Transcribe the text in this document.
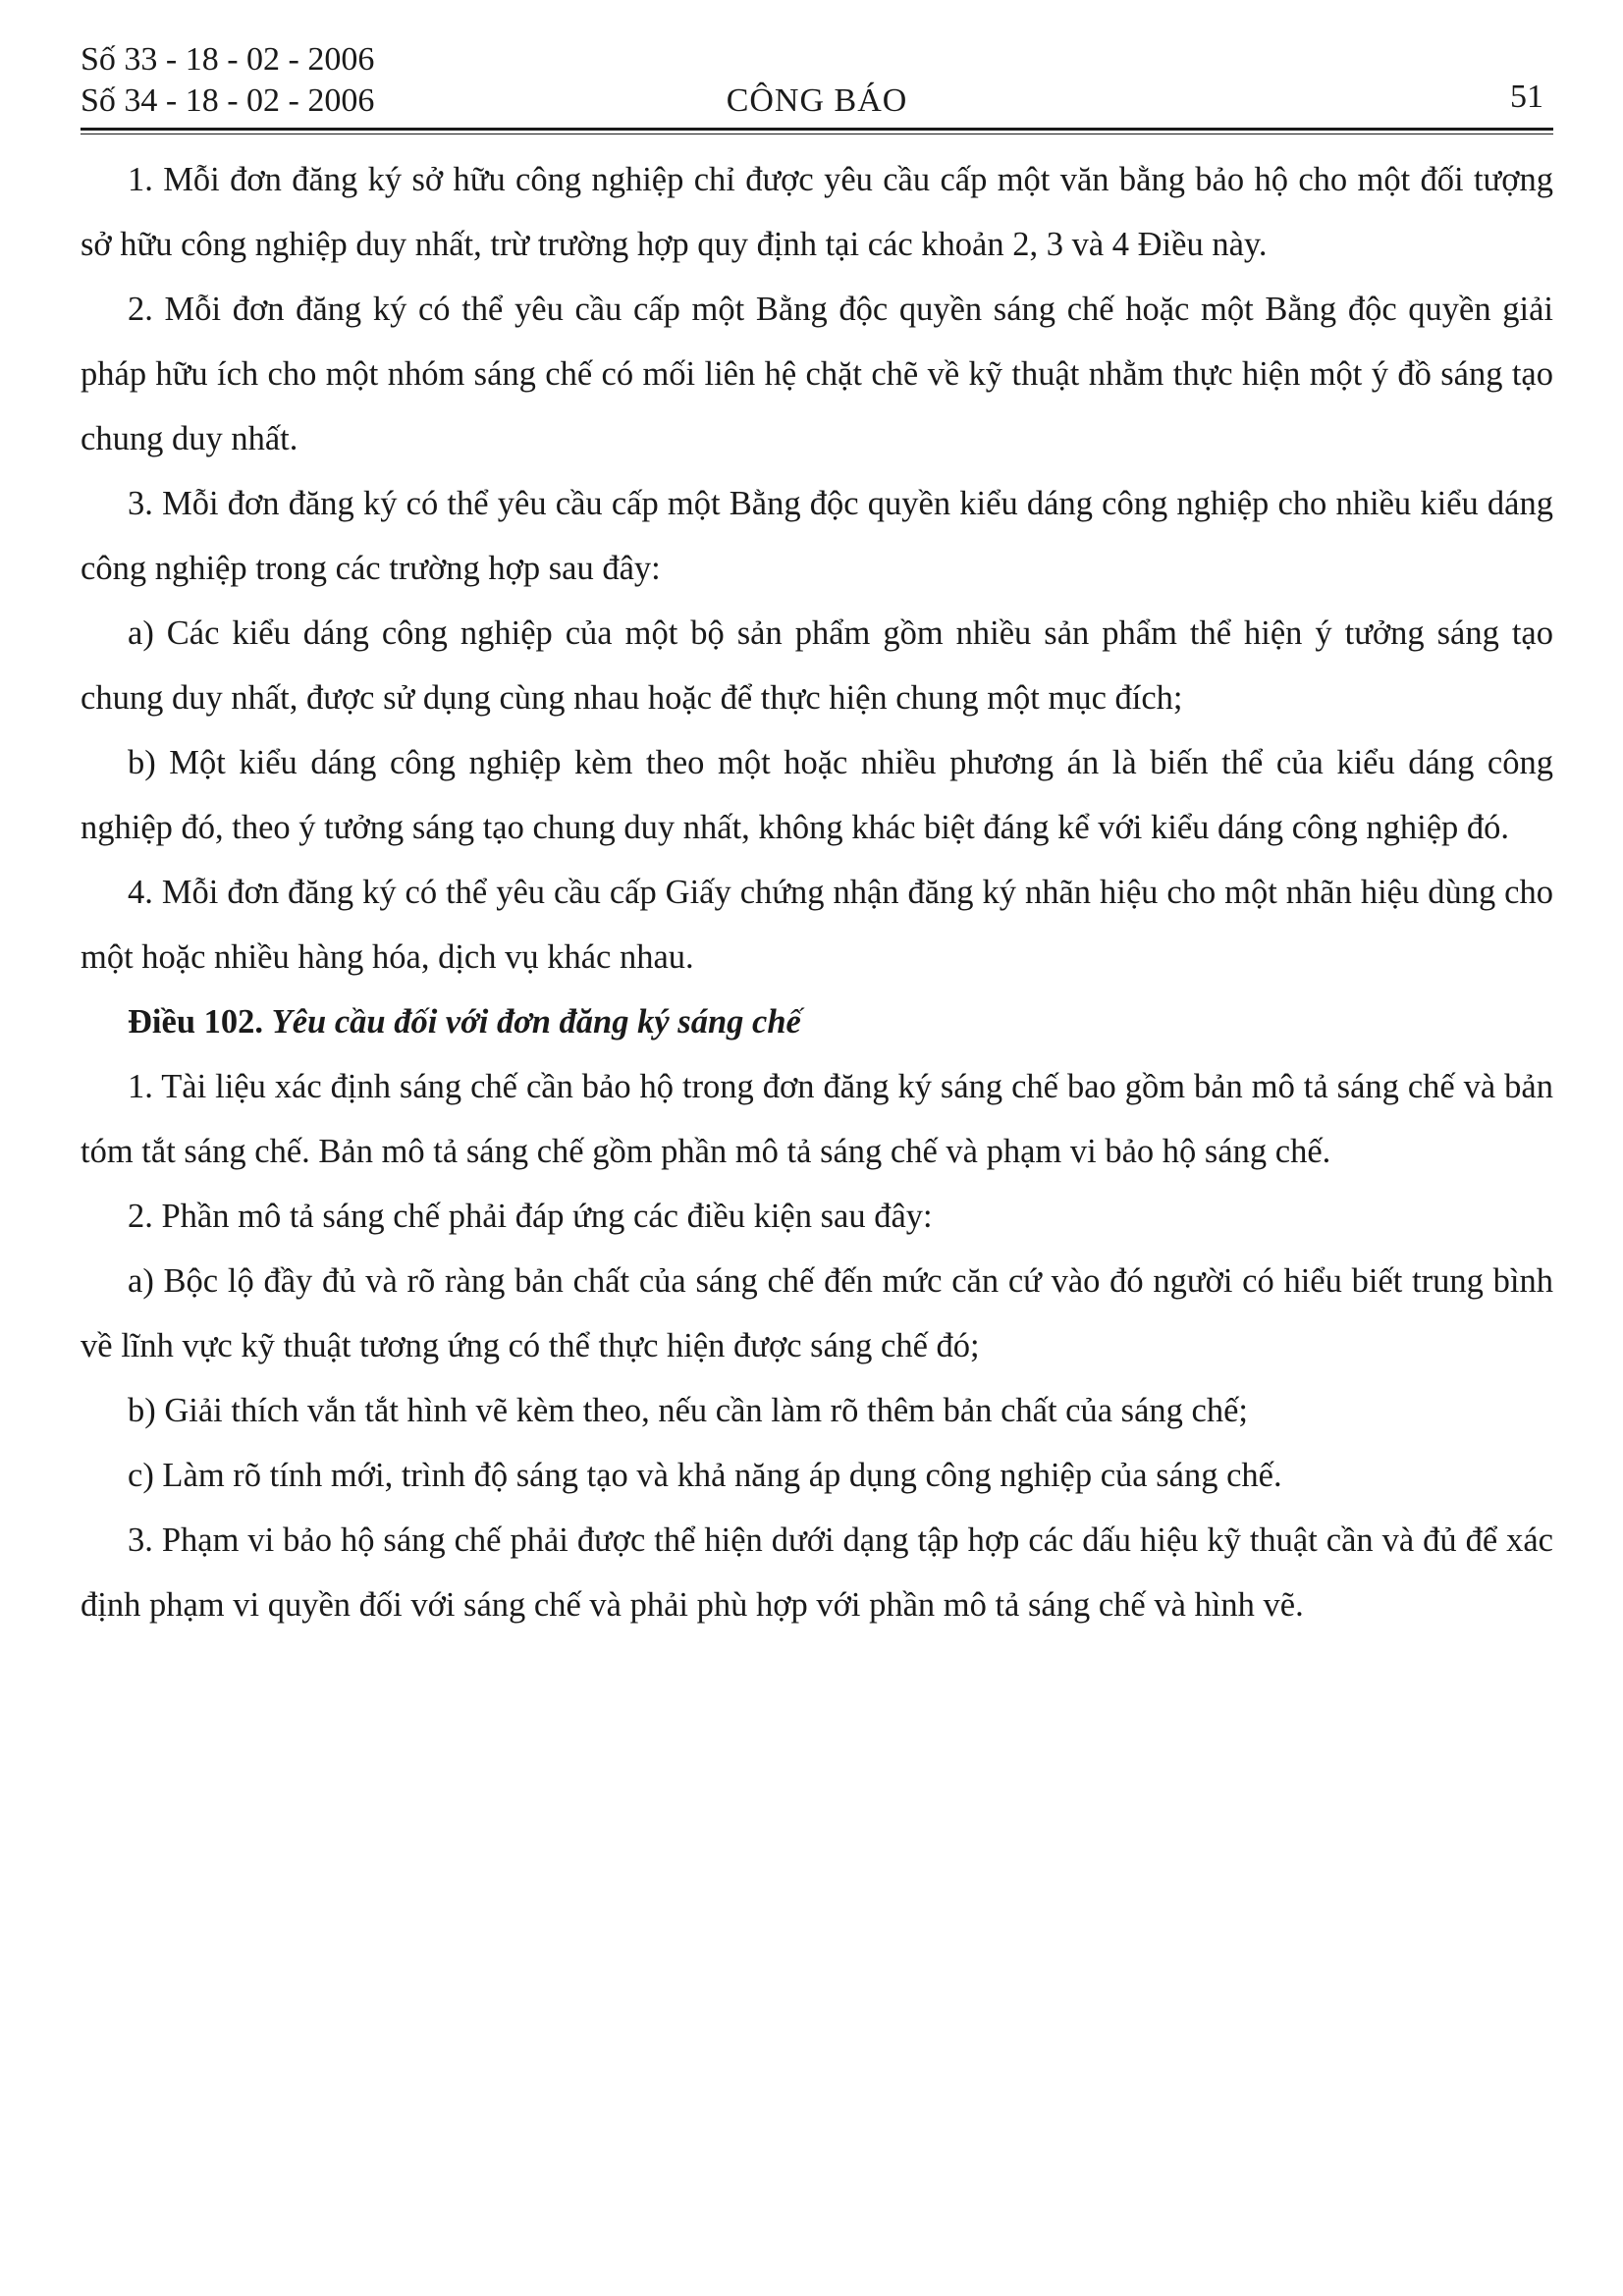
Số 33 - 18 - 02 - 2006
Số 34 - 18 - 02 - 2006	CÔNG BÁO	51

1. Mỗi đơn đăng ký sở hữu công nghiệp chỉ được yêu cầu cấp một văn bằng bảo hộ cho một đối tượng sở hữu công nghiệp duy nhất, trừ trường hợp quy định tại các khoản 2, 3 và 4 Điều này.

2. Mỗi đơn đăng ký có thể yêu cầu cấp một Bằng độc quyền sáng chế hoặc một Bằng độc quyền giải pháp hữu ích cho một nhóm sáng chế có mối liên hệ chặt chẽ về kỹ thuật nhằm thực hiện một ý đồ sáng tạo chung duy nhất.

3. Mỗi đơn đăng ký có thể yêu cầu cấp một Bằng độc quyền kiểu dáng công nghiệp cho nhiều kiểu dáng công nghiệp trong các trường hợp sau đây:

a) Các kiểu dáng công nghiệp của một bộ sản phẩm gồm nhiều sản phẩm thể hiện ý tưởng sáng tạo chung duy nhất, được sử dụng cùng nhau hoặc để thực hiện chung một mục đích;

b) Một kiểu dáng công nghiệp kèm theo một hoặc nhiều phương án là biến thể của kiểu dáng công nghiệp đó, theo ý tưởng sáng tạo chung duy nhất, không khác biệt đáng kể với kiểu dáng công nghiệp đó.

4. Mỗi đơn đăng ký có thể yêu cầu cấp Giấy chứng nhận đăng ký nhãn hiệu cho một nhãn hiệu dùng cho một hoặc nhiều hàng hóa, dịch vụ khác nhau.

Điều 102. Yêu cầu đối với đơn đăng ký sáng chế

1. Tài liệu xác định sáng chế cần bảo hộ trong đơn đăng ký sáng chế bao gồm bản mô tả sáng chế và bản tóm tắt sáng chế. Bản mô tả sáng chế gồm phần mô tả sáng chế và phạm vi bảo hộ sáng chế.

2. Phần mô tả sáng chế phải đáp ứng các điều kiện sau đây:

a) Bộc lộ đầy đủ và rõ ràng bản chất của sáng chế đến mức căn cứ vào đó người có hiểu biết trung bình về lĩnh vực kỹ thuật tương ứng có thể thực hiện được sáng chế đó;

b) Giải thích vắn tắt hình vẽ kèm theo, nếu cần làm rõ thêm bản chất của sáng chế;

c) Làm rõ tính mới, trình độ sáng tạo và khả năng áp dụng công nghiệp của sáng chế.

3. Phạm vi bảo hộ sáng chế phải được thể hiện dưới dạng tập hợp các dấu hiệu kỹ thuật cần và đủ để xác định phạm vi quyền đối với sáng chế và phải phù hợp với phần mô tả sáng chế và hình vẽ.
